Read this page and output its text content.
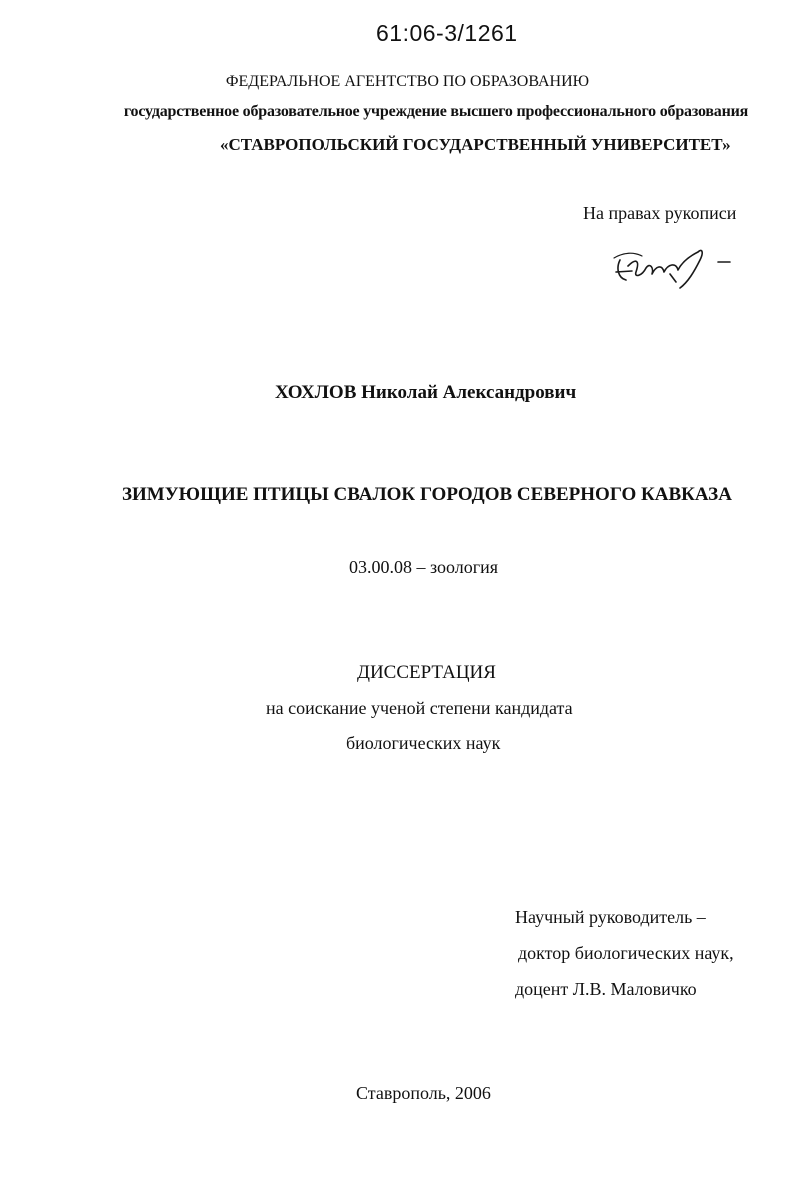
61:06-3/1261
ФЕДЕРАЛЬНОЕ АГЕНТСТВО ПО ОБРАЗОВАНИЮ
государственное образовательное учреждение высшего профессионального образования
«СТАВРОПОЛЬСКИЙ ГОСУДАРСТВЕННЫЙ УНИВЕРСИТЕТ»
На правах рукописи
ХОХЛОВ Николай Александрович
ЗИМУЮЩИЕ ПТИЦЫ СВАЛОК ГОРОДОВ СЕВЕРНОГО КАВКАЗА
03.00.08 – зоология
ДИССЕРТАЦИЯ
на соискание ученой степени кандидата
биологических наук
Научный руководитель –
доктор биологических наук,
доцент Л.В. Маловичко
Ставрополь, 2006
